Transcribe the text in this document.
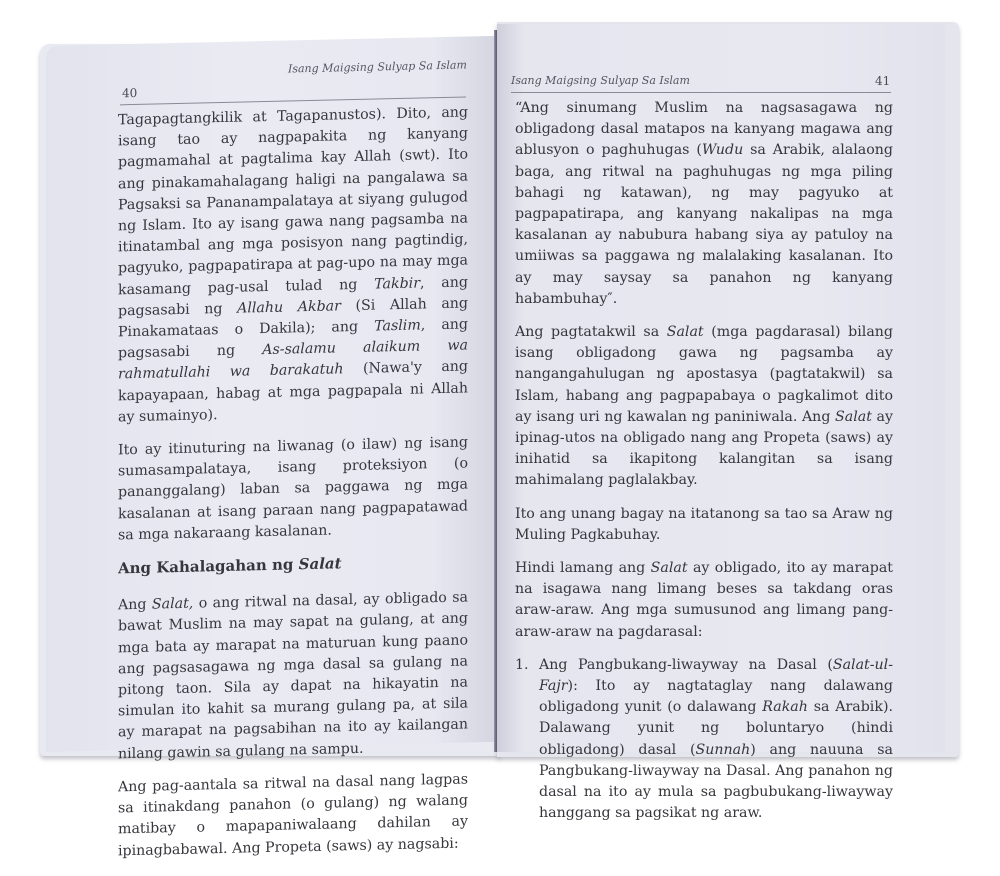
40
Isang Maigsing Sulyap Sa Islam

Tagapagtangkilik at Tagapanustos). Dito, ang isang tao ay nagpapakita ng kanyang pagmamahal at pagtalima kay Allah (swt). Ito ang pinakamahalagang haligi na pangalawa sa Pagsaksi sa Pananampalataya at siyang gulugod ng Islam. Ito ay isang gawa nang pagsamba na itinatambal ang mga posisyon nang pagtindig, pagyuko, pagpapatirapa at pag-upo na may mga kasamang pag-usal tulad ng Takbir, ang pagsasabi ng Allahu Akbar (Si Allah ang Pinakamataas o Dakila); ang Taslim, ang pagsasabi ng As-salamu alaikum wa rahmatullahi wa barakatuh (Nawa'y ang kapayapaan, habag at mga pagpapala ni Allah ay sumainyo).

Ito ay itinuturing na liwanag (o ilaw) ng isang sumasampalataya, isang proteksiyon (o pananggalang) laban sa paggawa ng mga kasalanan at isang paraan nang pagpapatawad sa mga nakaraang kasalanan.

Ang Kahalagahan ng Salat

Ang Salat, o ang ritwal na dasal, ay obligado sa bawat Muslim na may sapat na gulang, at ang mga bata ay marapat na maturuan kung paano ang pagsasagawa ng mga dasal sa gulang na pitong taon. Sila ay dapat na hikayatin na simulan ito kahit sa murang gulang pa, at sila ay marapat na pagsabihan na ito ay kailangan nilang gawin sa gulang na sampu.

Ang pag-aantala sa ritwal na dasal nang lagpas sa itinakdang panahon (o gulang) ng walang matibay o mapapaniwalaang dahilan ay ipinagbabawal. Ang Propeta (saws) ay nagsabi:

Isang Maigsing Sulyap Sa Islam	41

“Ang sinumang Muslim na nagsasagawa ng obligadong dasal matapos na kanyang magawa ang ablusyon o paghuhugas (Wudu sa Arabik, alalaong baga, ang ritwal na paghuhugas ng mga piling bahagi ng katawan), ng may pagyuko at pagpapatirapa, ang kanyang nakalipas na mga kasalanan ay nabubura habang siya ay patuloy na umiiwas sa paggawa ng malalaking kasalanan. Ito ay may saysay sa panahon ng kanyang habambuhay″.

Ang pagtatakwil sa Salat (mga pagdarasal) bilang isang obligadong gawa ng pagsamba ay nangangahulugan ng apostasya (pagtatakwil) sa Islam, habang ang pagpapabaya o pagkalimot dito ay isang uri ng kawalan ng paniniwala. Ang Salat ay ipinag-utos na obligado nang ang Propeta (saws) ay inihatid sa ikapitong kalangitan sa isang mahimalang paglalakbay.

Ito ang unang bagay na itatanong sa tao sa Araw ng Muling Pagkabuhay.

Hindi lamang ang Salat ay obligado, ito ay marapat na isagawa nang limang beses sa takdang oras araw-araw. Ang mga sumusunod ang limang pang-araw-araw na pagdarasal:

1. Ang Pangbukang-liwayway na Dasal (Salat-ul-Fajr): Ito ay nagtataglay nang dalawang obligadong yunit (o dalawang Rakah sa Arabik). Dalawang yunit ng boluntaryo (hindi obligadong) dasal (Sunnah) ang nauuna sa Pangbukang-liwayway na Dasal. Ang panahon ng dasal na ito ay mula sa pagbubukang-liwayway hanggang sa pagsikat ng araw.
